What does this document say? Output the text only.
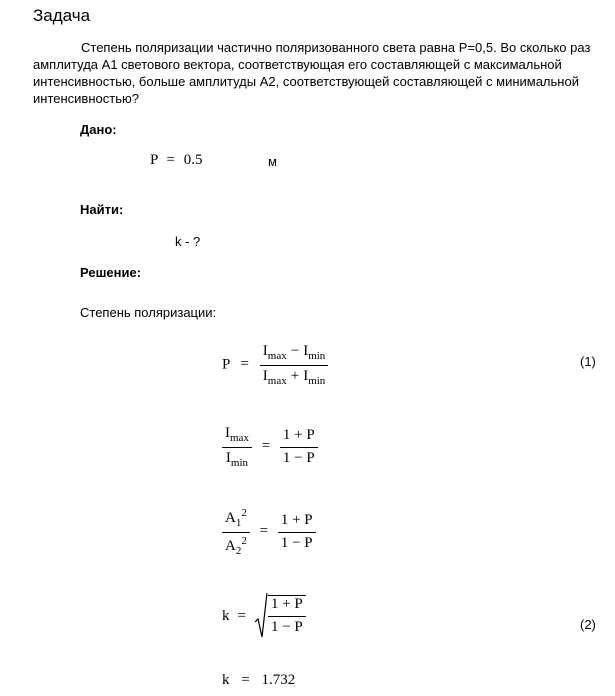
Задача
Степень поляризации частично поляризованного света равна P=0,5. Во сколько раз амплитуда A1 светового вектора, соответствующая его составляющей с максимальной интенсивностью, больше амплитуды A2, соответствующей составляющей с минимальной интенсивностью?
Дано:
P = 0.5	м
Найти:
k - ?
Решение:
Степень поляризации:
$P = \frac{I_{max} - I_{min}}{I_{max} + I_{min}}$	(1)
$\frac{I_{max}}{I_{min}} = \frac{1 + P}{1 - P}$
$\frac{A_1^2}{A_2^2} = \frac{1 + P}{1 - P}$
$k = \frac{1 + P}{1 - P}$	(2)
k = 1.732
